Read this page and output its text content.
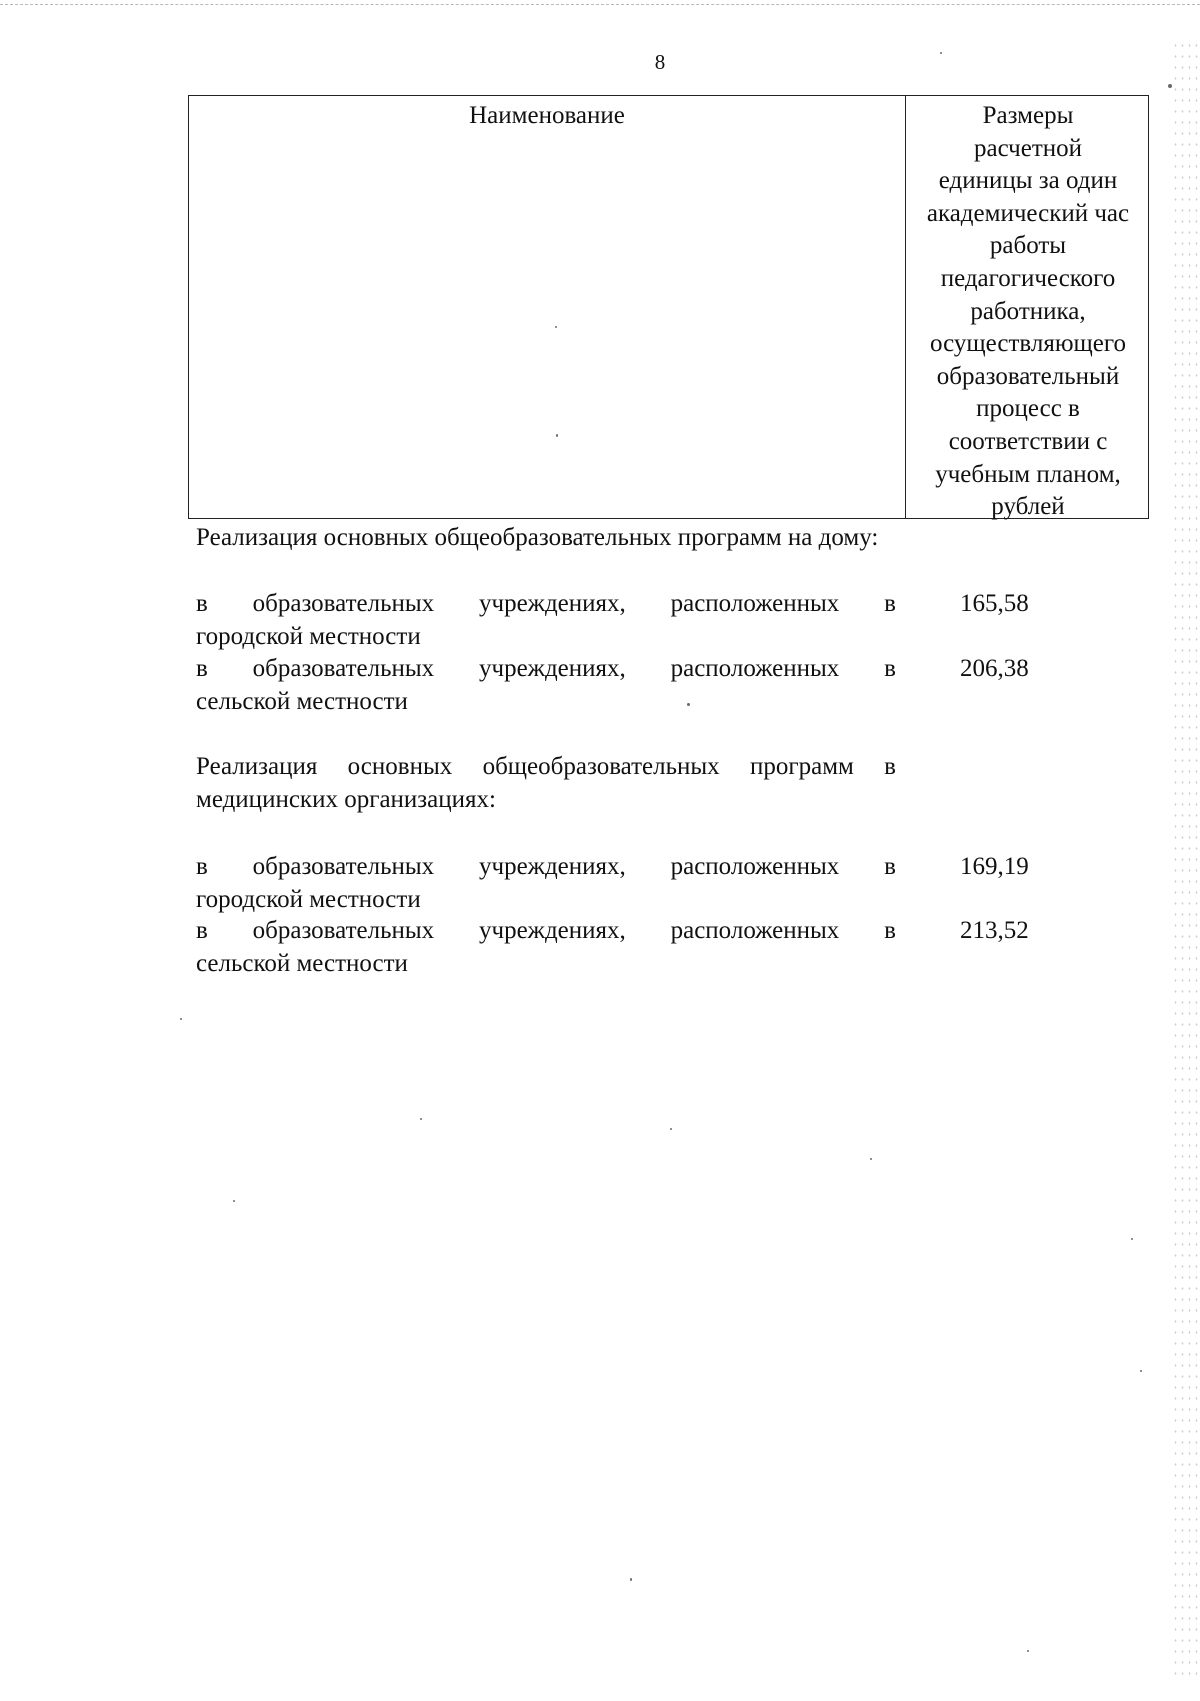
8
Наименование	Размеры
расчетной
единицы за один
академический час
работы
педагогического
работника,
осуществляющего
образовательный
процесс в
соответствии с
учебным планом,
рублей
Реализация основных общеобразовательных программ на дому:
в образовательных учреждениях, расположенных в
городской местности
165,58
в образовательных учреждениях, расположенных в
сельской местности
206,38
Реализация основных общеобразовательных программ в медицинских организациях:
в образовательных учреждениях, расположенных в
городской местности
169,19
в образовательных учреждениях, расположенных в
сельской местности
213,52
